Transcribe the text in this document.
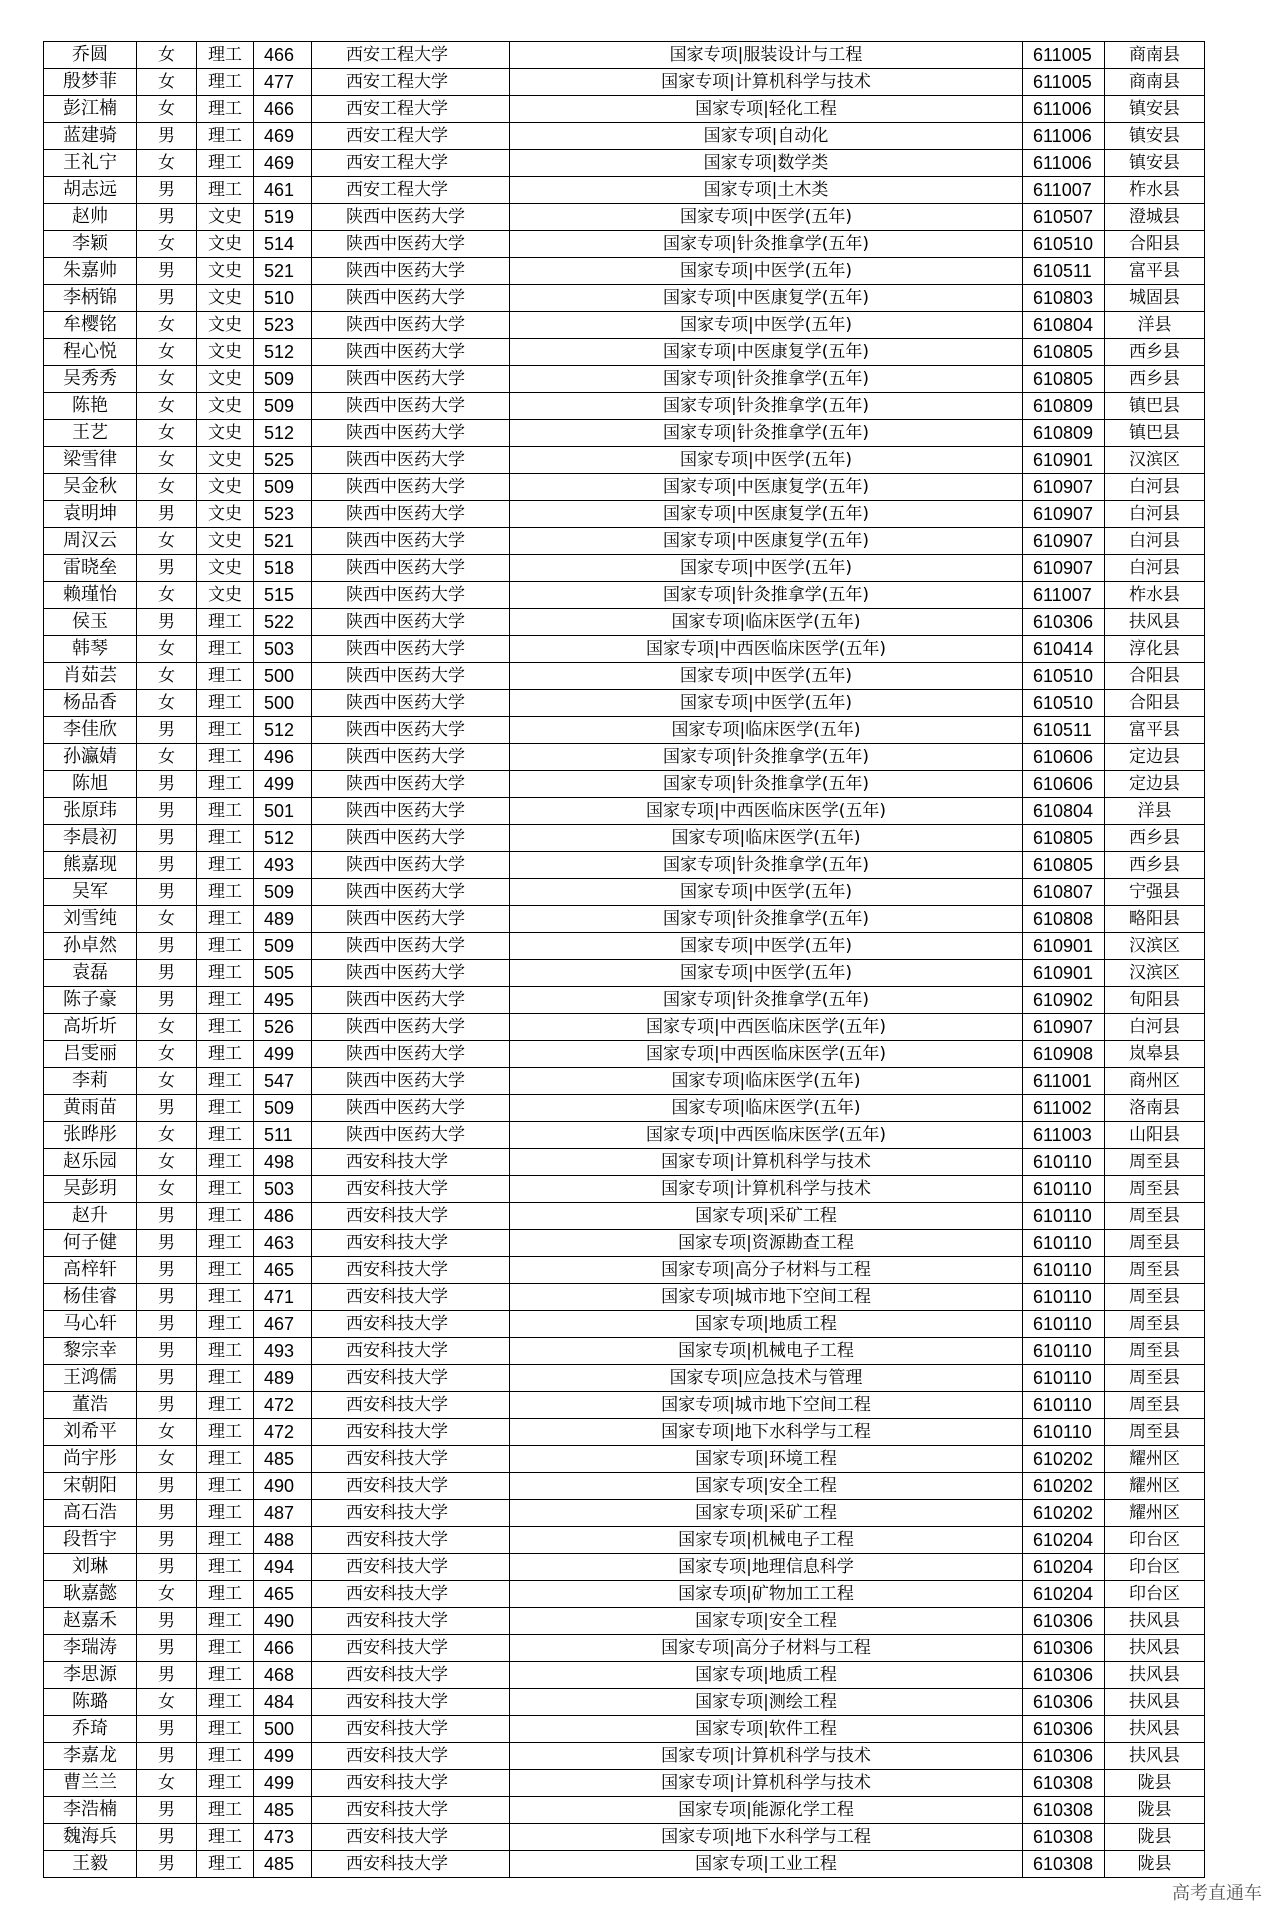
乔圆	女	理工	466	西安工程大学	国家专项|服装设计与工程	611005	商南县
殷梦菲	女	理工	477	西安工程大学	国家专项|计算机科学与技术	611005	商南县
彭江楠	女	理工	466	西安工程大学	国家专项|轻化工程	611006	镇安县
蓝建骑	男	理工	469	西安工程大学	国家专项|自动化	611006	镇安县
王礼宁	女	理工	469	西安工程大学	国家专项|数学类	611006	镇安县
胡志远	男	理工	461	西安工程大学	国家专项|土木类	611007	柞水县
赵帅	男	文史	519	陕西中医药大学	国家专项|中医学(五年)	610507	澄城县
李颖	女	文史	514	陕西中医药大学	国家专项|针灸推拿学(五年)	610510	合阳县
朱嘉帅	男	文史	521	陕西中医药大学	国家专项|中医学(五年)	610511	富平县
李柄锦	男	文史	510	陕西中医药大学	国家专项|中医康复学(五年)	610803	城固县
牟樱铭	女	文史	523	陕西中医药大学	国家专项|中医学(五年)	610804	洋县
程心悦	女	文史	512	陕西中医药大学	国家专项|中医康复学(五年)	610805	西乡县
吴秀秀	女	文史	509	陕西中医药大学	国家专项|针灸推拿学(五年)	610805	西乡县
陈艳	女	文史	509	陕西中医药大学	国家专项|针灸推拿学(五年)	610809	镇巴县
王艺	女	文史	512	陕西中医药大学	国家专项|针灸推拿学(五年)	610809	镇巴县
梁雪律	女	文史	525	陕西中医药大学	国家专项|中医学(五年)	610901	汉滨区
吴金秋	女	文史	509	陕西中医药大学	国家专项|中医康复学(五年)	610907	白河县
袁明坤	男	文史	523	陕西中医药大学	国家专项|中医康复学(五年)	610907	白河县
周汉云	女	文史	521	陕西中医药大学	国家专项|中医康复学(五年)	610907	白河县
雷晓垒	男	文史	518	陕西中医药大学	国家专项|中医学(五年)	610907	白河县
赖瑾怡	女	文史	515	陕西中医药大学	国家专项|针灸推拿学(五年)	611007	柞水县
侯玉	男	理工	522	陕西中医药大学	国家专项|临床医学(五年)	610306	扶风县
韩琴	女	理工	503	陕西中医药大学	国家专项|中西医临床医学(五年)	610414	淳化县
肖茹芸	女	理工	500	陕西中医药大学	国家专项|中医学(五年)	610510	合阳县
杨品香	女	理工	500	陕西中医药大学	国家专项|中医学(五年)	610510	合阳县
李佳欣	男	理工	512	陕西中医药大学	国家专项|临床医学(五年)	610511	富平县
孙瀛婧	女	理工	496	陕西中医药大学	国家专项|针灸推拿学(五年)	610606	定边县
陈旭	男	理工	499	陕西中医药大学	国家专项|针灸推拿学(五年)	610606	定边县
张原玮	男	理工	501	陕西中医药大学	国家专项|中西医临床医学(五年)	610804	洋县
李晨初	男	理工	512	陕西中医药大学	国家专项|临床医学(五年)	610805	西乡县
熊嘉现	男	理工	493	陕西中医药大学	国家专项|针灸推拿学(五年)	610805	西乡县
吴军	男	理工	509	陕西中医药大学	国家专项|中医学(五年)	610807	宁强县
刘雪纯	女	理工	489	陕西中医药大学	国家专项|针灸推拿学(五年)	610808	略阳县
孙卓然	男	理工	509	陕西中医药大学	国家专项|中医学(五年)	610901	汉滨区
袁磊	男	理工	505	陕西中医药大学	国家专项|中医学(五年)	610901	汉滨区
陈子豪	男	理工	495	陕西中医药大学	国家专项|针灸推拿学(五年)	610902	旬阳县
高圻圻	女	理工	526	陕西中医药大学	国家专项|中西医临床医学(五年)	610907	白河县
吕雯丽	女	理工	499	陕西中医药大学	国家专项|中西医临床医学(五年)	610908	岚皋县
李莉	女	理工	547	陕西中医药大学	国家专项|临床医学(五年)	611001	商州区
黄雨苗	男	理工	509	陕西中医药大学	国家专项|临床医学(五年)	611002	洛南县
张晔彤	女	理工	511	陕西中医药大学	国家专项|中西医临床医学(五年)	611003	山阳县
赵乐园	女	理工	498	西安科技大学	国家专项|计算机科学与技术	610110	周至县
吴彭玥	女	理工	503	西安科技大学	国家专项|计算机科学与技术	610110	周至县
赵升	男	理工	486	西安科技大学	国家专项|采矿工程	610110	周至县
何子健	男	理工	463	西安科技大学	国家专项|资源勘查工程	610110	周至县
高梓轩	男	理工	465	西安科技大学	国家专项|高分子材料与工程	610110	周至县
杨佳睿	男	理工	471	西安科技大学	国家专项|城市地下空间工程	610110	周至县
马心轩	男	理工	467	西安科技大学	国家专项|地质工程	610110	周至县
黎宗幸	男	理工	493	西安科技大学	国家专项|机械电子工程	610110	周至县
王鸿儒	男	理工	489	西安科技大学	国家专项|应急技术与管理	610110	周至县
董浩	男	理工	472	西安科技大学	国家专项|城市地下空间工程	610110	周至县
刘希平	女	理工	472	西安科技大学	国家专项|地下水科学与工程	610110	周至县
尚宇彤	女	理工	485	西安科技大学	国家专项|环境工程	610202	耀州区
宋朝阳	男	理工	490	西安科技大学	国家专项|安全工程	610202	耀州区
高石浩	男	理工	487	西安科技大学	国家专项|采矿工程	610202	耀州区
段哲宇	男	理工	488	西安科技大学	国家专项|机械电子工程	610204	印台区
刘琳	男	理工	494	西安科技大学	国家专项|地理信息科学	610204	印台区
耿嘉懿	女	理工	465	西安科技大学	国家专项|矿物加工工程	610204	印台区
赵嘉禾	男	理工	490	西安科技大学	国家专项|安全工程	610306	扶风县
李瑞涛	男	理工	466	西安科技大学	国家专项|高分子材料与工程	610306	扶风县
李思源	男	理工	468	西安科技大学	国家专项|地质工程	610306	扶风县
陈璐	女	理工	484	西安科技大学	国家专项|测绘工程	610306	扶风县
乔琦	男	理工	500	西安科技大学	国家专项|软件工程	610306	扶风县
李嘉龙	男	理工	499	西安科技大学	国家专项|计算机科学与技术	610306	扶风县
曹兰兰	女	理工	499	西安科技大学	国家专项|计算机科学与技术	610308	陇县
李浩楠	男	理工	485	西安科技大学	国家专项|能源化学工程	610308	陇县
魏海兵	男	理工	473	西安科技大学	国家专项|地下水科学与工程	610308	陇县
王毅	男	理工	485	西安科技大学	国家专项|工业工程	610308	陇县
高考直通车
